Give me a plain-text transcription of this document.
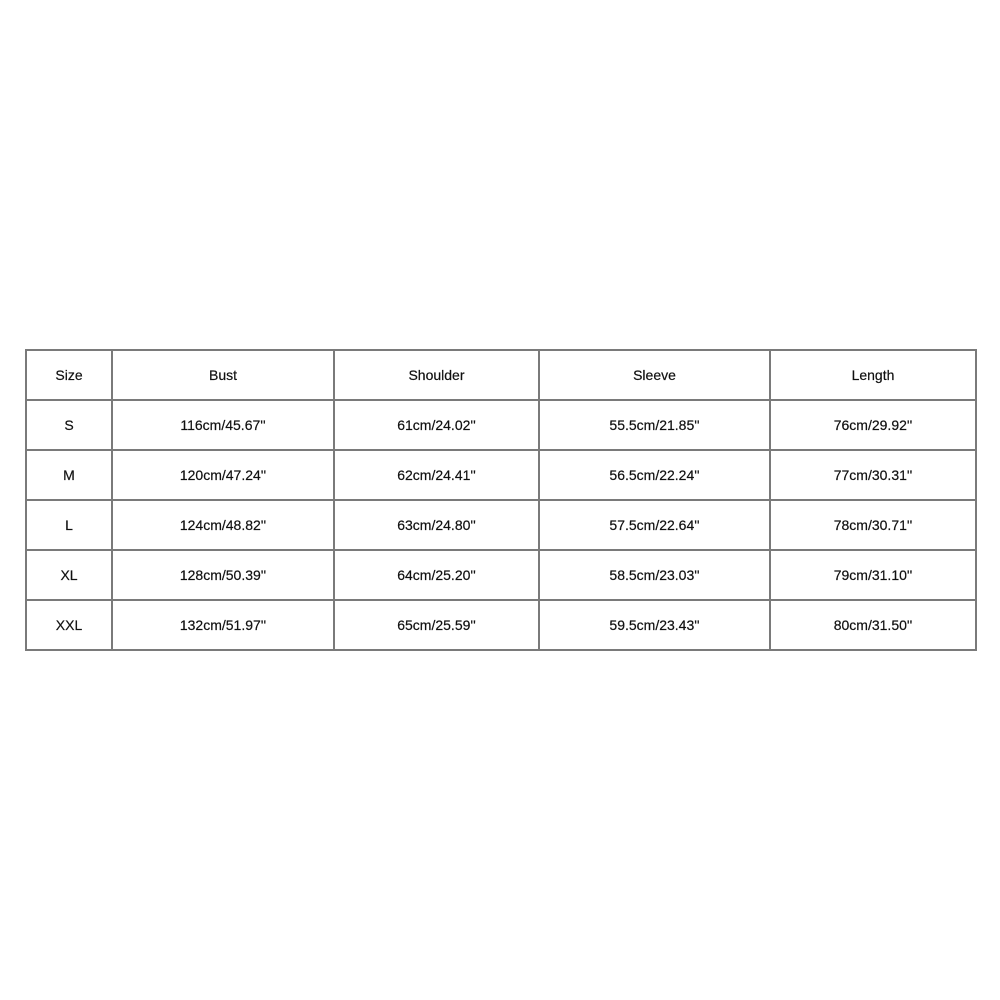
Size	Bust	Shoulder	Sleeve	Length
S	116cm/45.67''	61cm/24.02''	55.5cm/21.85''	76cm/29.92''
M	120cm/47.24''	62cm/24.41''	56.5cm/22.24''	77cm/30.31''
L	124cm/48.82''	63cm/24.80''	57.5cm/22.64''	78cm/30.71''
XL	128cm/50.39''	64cm/25.20''	58.5cm/23.03''	79cm/31.10''
XXL	132cm/51.97''	65cm/25.59''	59.5cm/23.43''	80cm/31.50''
